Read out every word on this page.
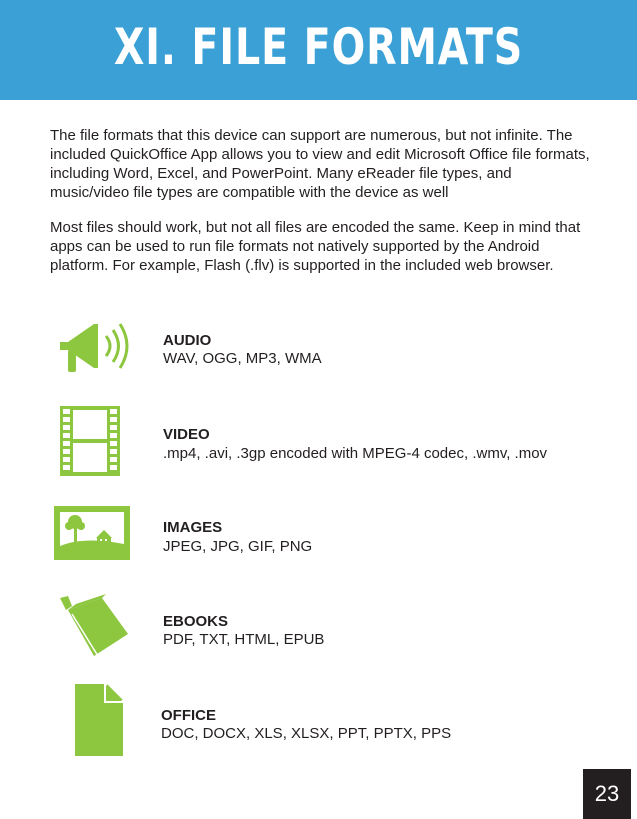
XI. FILE FORMATS

The file formats that this device can support are numerous, but not infinite. The included QuickOffice App allows you to view and edit Microsoft Office file formats, including Word, Excel, and PowerPoint. Many eReader file types, and music/video file types are compatible with the device as well

Most files should work, but not all files are encoded the same. Keep in mind that apps can be used to run file formats not natively supported by the Android platform. For example, Flash (.flv) is supported in the included web browser.

AUDIO
WAV, OGG, MP3, WMA
VIDEO
.mp4, .avi, .3gp encoded with MPEG-4 codec, .wmv, .mov
IMAGES
JPEG, JPG, GIF, PNG
EBOOKS
PDF, TXT, HTML, EPUB
OFFICE
DOC, DOCX, XLS, XLSX, PPT, PPTX, PPS
23
